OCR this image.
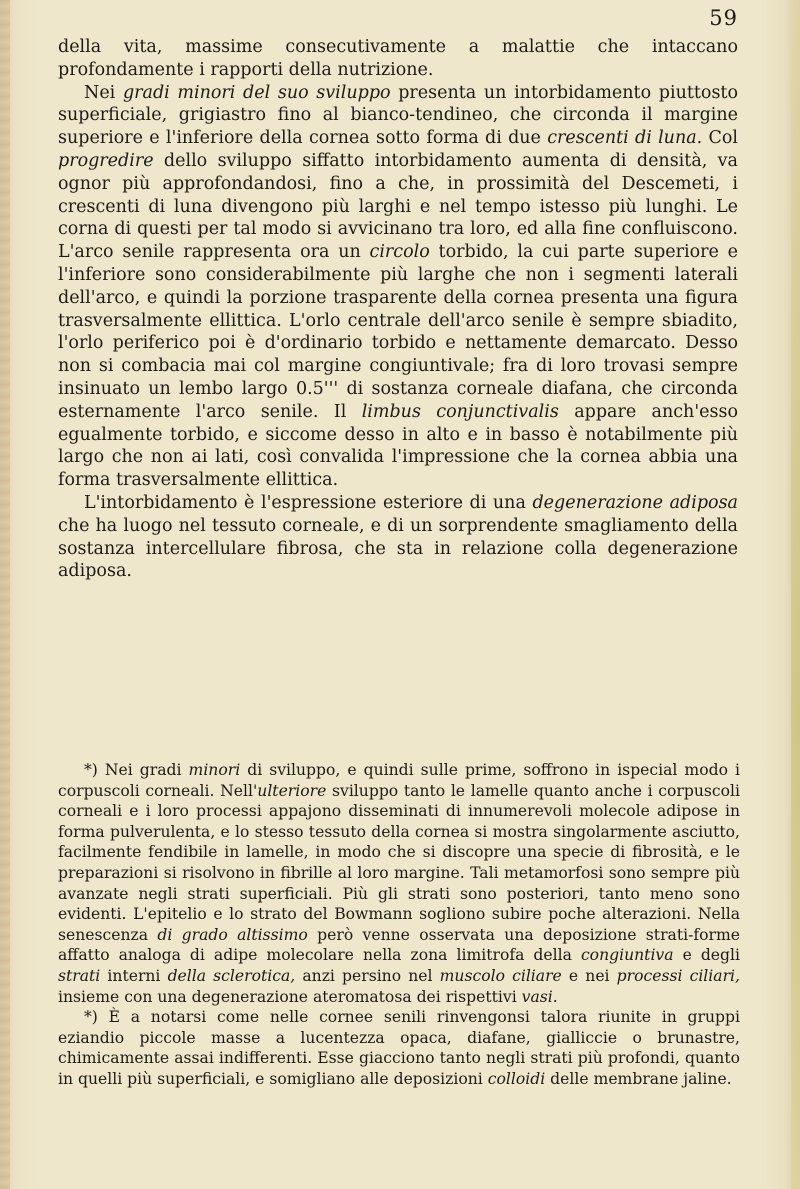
59

della vita, massime consecutivamente a malattie che intaccano profondamente i rapporti della nutrizione.

Nei gradi minori del suo sviluppo presenta un intorbidamento piuttosto superficiale, grigiastro fino al bianco-tendineo, che circonda il margine superiore e l'inferiore della cornea sotto forma di due crescenti di luna. Col progredire dello sviluppo siffatto intorbidamento aumenta di densità, va ognor più approfondandosi, fino a che, in prossimità del Descemeti, i crescenti di luna divengono più larghi e nel tempo istesso più lunghi. Le corna di questi per tal modo si avvicinano tra loro, ed alla fine confluiscono. L'arco senile rappresenta ora un circolo torbido, la cui parte superiore e l'inferiore sono considerabilmente più larghe che non i segmenti laterali dell'arco, e quindi la porzione trasparente della cornea presenta una figura trasversalmente ellittica. L'orlo centrale dell'arco senile è sempre sbiadito, l'orlo periferico poi è d'ordinario torbido e nettamente demarcato. Desso non si combacia mai col margine congiuntivale; fra di loro trovasi sempre insinuato un lembo largo 0.5''' di sostanza corneale diafana, che circonda esternamente l'arco senile. Il limbus conjunctivalis appare anch'esso egualmente torbido, e siccome desso in alto e in basso è notabilmente più largo che non ai lati, così convalida l'impressione che la cornea abbia una forma trasversalmente ellittica.

L'intorbidamento è l'espressione esteriore di una degenerazione adiposa che ha luogo nel tessuto corneale, e di un sorprendente smagliamento della sostanza intercellulare fibrosa, che sta in relazione colla degenerazione adiposa.

*) Nei gradi minori di sviluppo, e quindi sulle prime, soffrono in ispecial modo i corpuscoli corneali. Nell'ulteriore sviluppo tanto le lamelle quanto anche i corpuscoli corneali e i loro processi appajono disseminati di innumerevoli molecole adipose in forma pulverulenta, e lo stesso tessuto della cornea si mostra singolarmente asciutto, facilmente fendibile in lamelle, in modo che si discopre una specie di fibrosità, e le preparazioni si risolvono in fibrille al loro margine. Tali metamorfosi sono sempre più avanzate negli strati superficiali. Più gli strati sono posteriori, tanto meno sono evidenti. L'epitelio e lo strato del Bowmann sogliono subire poche alterazioni. Nella senescenza di grado altissimo però venne osservata una deposizione strati-forme affatto analoga di adipe molecolare nella zona limitrofa della congiuntiva e degli strati interni della sclerotica, anzi persino nel muscolo ciliare e nei processi ciliari, insieme con una degenerazione ateromatosa dei rispettivi vasi.

*) È a notarsi come nelle cornee senili rinvengonsi talora riunite in gruppi eziandio piccole masse a lucentezza opaca, diafane, gialliccie o brunastre, chimicamente assai indifferenti. Esse giacciono tanto negli strati più profondi, quanto in quelli più superficiali, e somigliano alle deposizioni colloidi delle membrane jaline.
